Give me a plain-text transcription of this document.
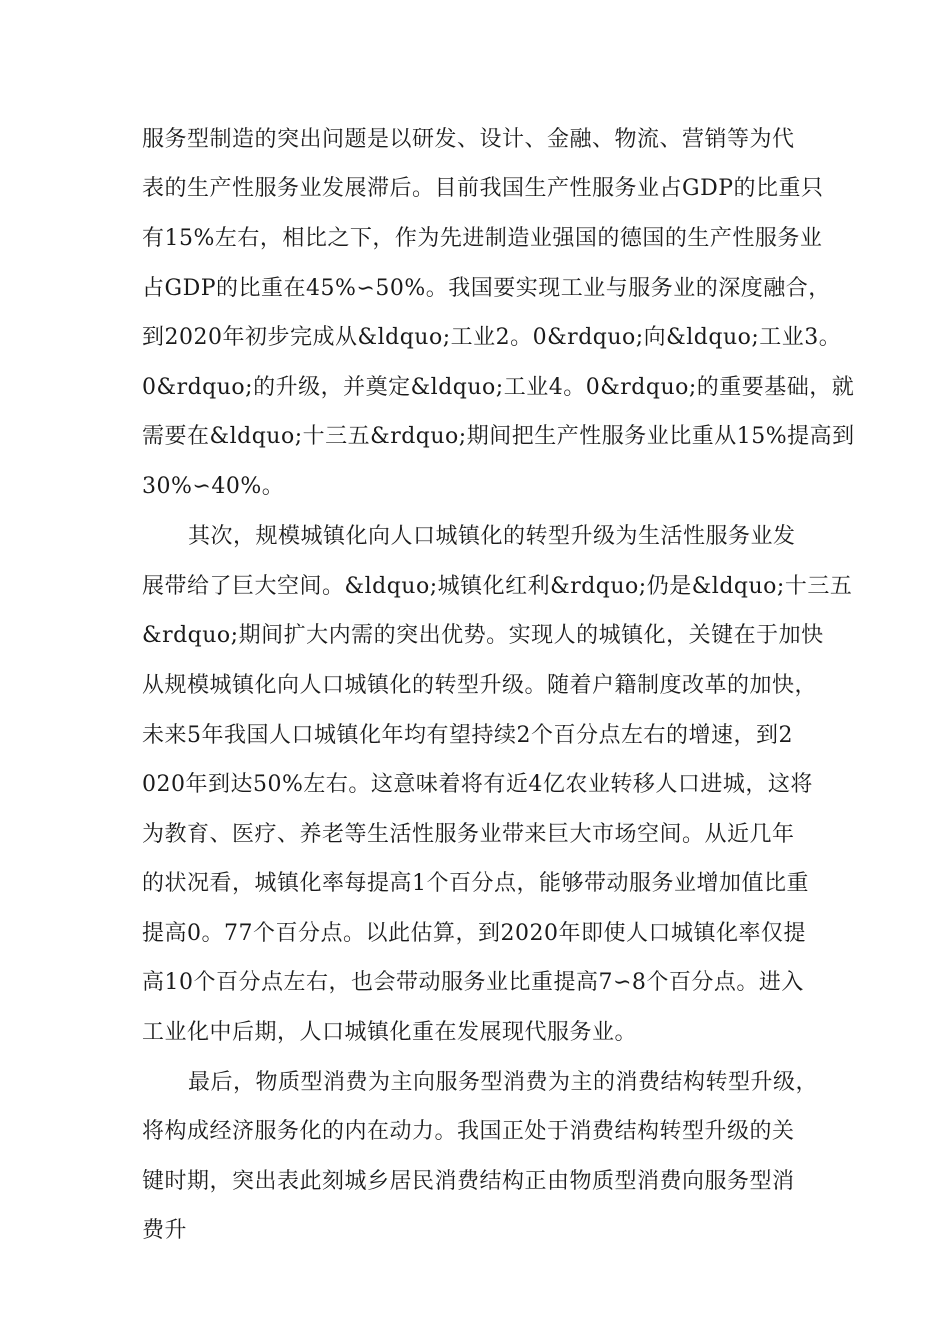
服务型制造的突出问题是以研发、设计、金融、物流、营销等为代
表的生产性服务业发展滞后。目前我国生产性服务业占GDP的比重只
有15%左右，相比之下，作为先进制造业强国的德国的生产性服务业
占GDP的比重在45%∽50%。我国要实现工业与服务业的深度融合，
到2020年初步完成从&ldquo;工业2。0&rdquo;向&ldquo;工业3。
0&rdquo;的升级，并奠定&ldquo;工业4。0&rdquo;的重要基础，就
需要在&ldquo;十三五&rdquo;期间把生产性服务业比重从15%提高到
30%∽40%。
其次，规模城镇化向人口城镇化的转型升级为生活性服务业发
展带给了巨大空间。&ldquo;城镇化红利&rdquo;仍是&ldquo;十三五
&rdquo;期间扩大内需的突出优势。实现人的城镇化，关键在于加快
从规模城镇化向人口城镇化的转型升级。随着户籍制度改革的加快，
未来5年我国人口城镇化年均有望持续2个百分点左右的增速，到2
020年到达50%左右。这意味着将有近4亿农业转移人口进城，这将
为教育、医疗、养老等生活性服务业带来巨大市场空间。从近几年
的状况看，城镇化率每提高1个百分点，能够带动服务业增加值比重
提高0。77个百分点。以此估算，到2020年即使人口城镇化率仅提
高10个百分点左右，也会带动服务业比重提高7∽8个百分点。进入
工业化中后期，人口城镇化重在发展现代服务业。
最后，物质型消费为主向服务型消费为主的消费结构转型升级，
将构成经济服务化的内在动力。我国正处于消费结构转型升级的关
键时期，突出表此刻城乡居民消费结构正由物质型消费向服务型消
费升
